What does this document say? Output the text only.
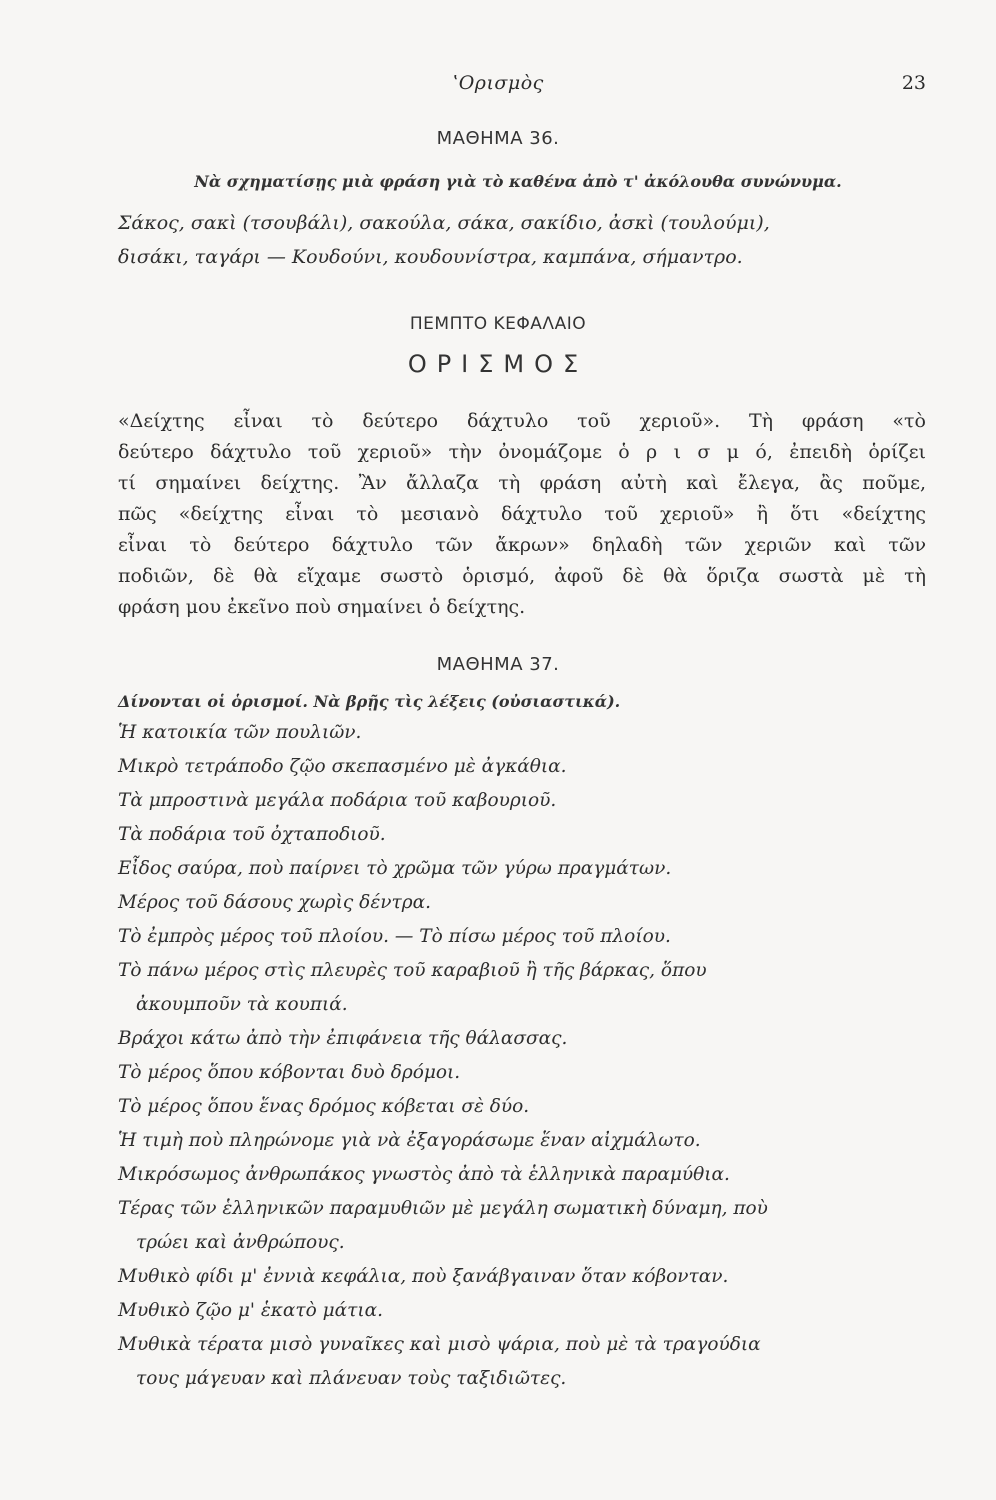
ʽΟρισμὸς	23
ΜΑΘΗΜΑ 36.
Νὰ σχηματίσῃς μιὰ φράση γιὰ τὸ καθένα ἀπὸ τ' ἀκόλουθα συνώνυμα.
Σάκος, σακὶ (τσουβάλι), σακούλα, σάκα, σακίδιο, ἀσκὶ (τουλούμι),
δισάκι, ταγάρι — Κουδούνι, κουδουνίστρα, καμπάνα, σήμαντρο.
ΠΕΜΠΤΟ ΚΕΦΑΛΑΙΟ
ΟΡΙΣΜΟΣ
«Δείχτης εἶναι τὸ δεύτερο δάχτυλο τοῦ χεριοῦ». Τὴ φράση «τὸ
δεύτερο δάχτυλο τοῦ χεριοῦ» τὴν ὀνομάζομε ὁ ρ ι σ μ ό, ἐπειδὴ ὁρίζει
τί σημαίνει δείχτης. Ἂν ἄλλαζα τὴ φράση αὐτὴ καὶ ἔλεγα, ἂς ποῦμε,
πῶς «δείχτης εἶναι τὸ μεσιανὸ δάχτυλο τοῦ χεριοῦ» ἢ ὅτι «δείχτης
εἶναι τὸ δεύτερο δάχτυλο τῶν ἄκρων» δηλαδὴ τῶν χεριῶν καὶ τῶν
ποδιῶν, δὲ θὰ εἴχαμε σωστὸ ὁρισμό, ἀφοῦ δὲ θὰ ὅριζα σωστὰ μὲ τὴ
φράση μου ἐκεῖνο ποὺ σημαίνει ὁ δείχτης.
ΜΑΘΗΜΑ 37.
Δίνονται οἱ ὁρισμοί. Νὰ βρῇς τὶς λέξεις (οὐσιαστικά).
Ἡ κατοικία τῶν πουλιῶν.
Μικρὸ τετράποδο ζῷο σκεπασμένο μὲ ἀγκάθια.
Τὰ μπροστινὰ μεγάλα ποδάρια τοῦ καβουριοῦ.
Τὰ ποδάρια τοῦ ὀχταποδιοῦ.
Εἶδος σαύρα, ποὺ παίρνει τὸ χρῶμα τῶν γύρω πραγμάτων.
Μέρος τοῦ δάσους χωρὶς δέντρα.
Τὸ ἐμπρὸς μέρος τοῦ πλοίου. — Τὸ πίσω μέρος τοῦ πλοίου.
Τὸ πάνω μέρος στὶς πλευρὲς τοῦ καραβιοῦ ἢ τῆς βάρκας, ὅπου
ἀκουμποῦν τὰ κουπιά.
Βράχοι κάτω ἀπὸ τὴν ἐπιφάνεια τῆς θάλασσας.
Τὸ μέρος ὅπου κόβονται δυὸ δρόμοι.
Τὸ μέρος ὅπου ἕνας δρόμος κόβεται σὲ δύο.
Ἡ τιμὴ ποὺ πληρώνομε γιὰ νὰ ἐξαγοράσωμε ἕναν αἰχμάλωτο.
Μικρόσωμος ἀνθρωπάκος γνωστὸς ἀπὸ τὰ ἑλληνικὰ παραμύθια.
Τέρας τῶν ἑλληνικῶν παραμυθιῶν μὲ μεγάλη σωματικὴ δύναμη, ποὺ
τρώει καὶ ἀνθρώπους.
Μυθικὸ φίδι μ' ἐννιὰ κεφάλια, ποὺ ξανάβγαιναν ὅταν κόβονταν.
Μυθικὸ ζῷο μ' ἑκατὸ μάτια.
Μυθικὰ τέρατα μισὸ γυναῖκες καὶ μισὸ ψάρια, ποὺ μὲ τὰ τραγούδια
τους μάγευαν καὶ πλάνευαν τοὺς ταξιδιῶτες.
